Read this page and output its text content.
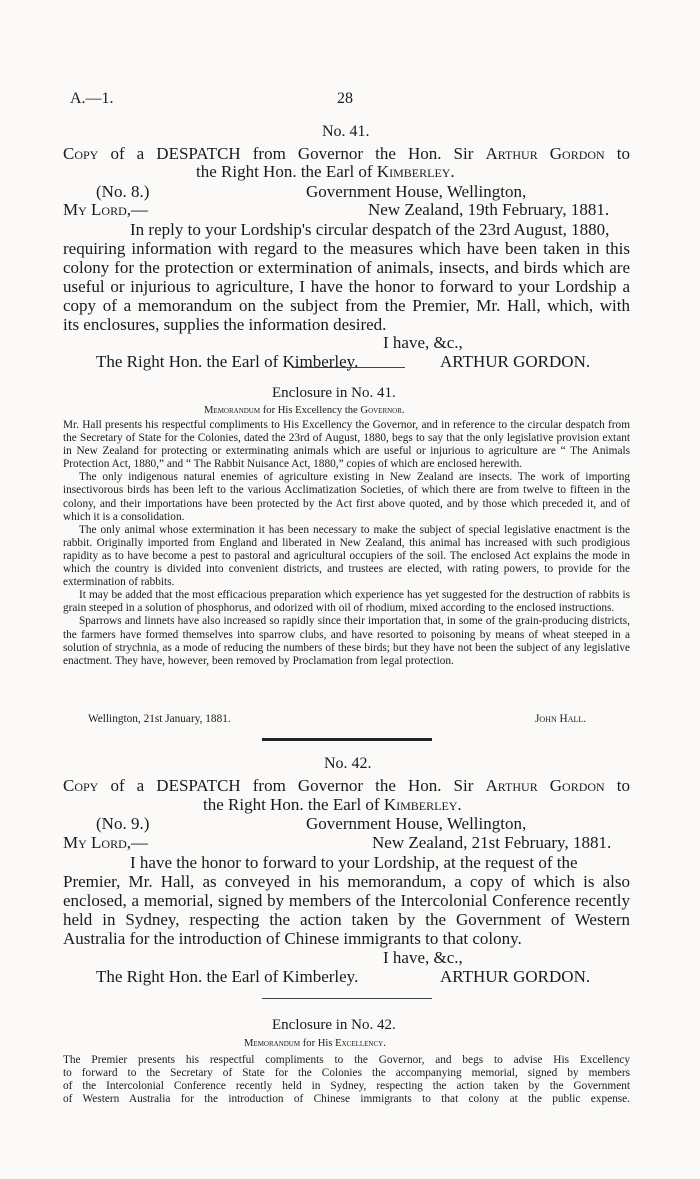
A.—1.	28
No. 41.
Copy of a DESPATCH from Governor the Hon. Sir Arthur Gordon to
the Right Hon. the Earl of Kimberley.
(No. 8.)	Government House, Wellington,
My Lord,—	New Zealand, 19th February, 1881.
In reply to your Lordship's circular despatch of the 23rd August, 1880,
requiring information with regard to the measures which have been taken in this
colony for the protection or extermination of animals, insects, and birds which are
useful or injurious to agriculture, I have the honor to forward to your Lordship a
copy of a memorandum on the subject from the Premier, Mr. Hall, which, with
its enclosures, supplies the information desired.
I have, &c.,
The Right Hon. the Earl of Kimberley.	ARTHUR GORDON.
Enclosure in No. 41.
Memorandum for His Excellency the Governor.

Mr. Hall presents his respectful compliments to His Excellency the Governor, and in reference to the circular despatch from the Secretary of State for the Colonies, dated the 23rd of August, 1880, begs to say that the only legislative provision extant in New Zealand for protecting or exterminating animals which are useful or injurious to agriculture are “ The Animals Protection Act, 1880,” and “ The Rabbit Nuisance Act, 1880,” copies of which are enclosed herewith.

The only indigenous natural enemies of agriculture existing in New Zealand are insects. The work of importing insectivorous birds has been left to the various Acclimatization Societies, of which there are from twelve to fifteen in the colony, and their importations have been protected by the Act first above quoted, and by those which preceded it, and of which it is a consolidation.

The only animal whose extermination it has been necessary to make the subject of special legislative enactment is the rabbit. Originally imported from England and liberated in New Zealand, this animal has increased with such prodigious rapidity as to have become a pest to pastoral and agricultural occupiers of the soil. The enclosed Act explains the mode in which the country is divided into convenient districts, and trustees are elected, with rating powers, to provide for the extermination of rabbits.

It may be added that the most efficacious preparation which experience has yet suggested for the destruction of rabbits is grain steeped in a solution of phosphorus, and odorized with oil of rhodium, mixed according to the enclosed instructions.

Sparrows and linnets have also increased so rapidly since their importation that, in some of the grain-producing districts, the farmers have formed themselves into sparrow clubs, and have resorted to poisoning by means of wheat steeped in a solution of strychnia, as a mode of reducing the numbers of these birds; but they have not been the subject of any legislative enactment. They have, however, been removed by Proclamation from legal protection.

Wellington, 21st January, 1881.	John Hall.
No. 42.
Copy of a DESPATCH from Governor the Hon. Sir Arthur Gordon to
the Right Hon. the Earl of Kimberley.
(No. 9.)	Government House, Wellington,
My Lord,—	New Zealand, 21st February, 1881.
I have the honor to forward to your Lordship, at the request of the
Premier, Mr. Hall, as conveyed in his memorandum, a copy of which is also
enclosed, a memorial, signed by members of the Intercolonial Conference recently
held in Sydney, respecting the action taken by the Government of Western
Australia for the introduction of Chinese immigrants to that colony.
I have, &c.,
The Right Hon. the Earl of Kimberley.	ARTHUR GORDON.
Enclosure in No. 42.
Memorandum for His Excellency.
The Premier presents his respectful compliments to the Governor, and begs to advise His Excellency
to forward to the Secretary of State for the Colonies the accompanying memorial, signed by members
of the Intercolonial Conference recently held in Sydney, respecting the action taken by the Government
of Western Australia for the introduction of Chinese immigrants to that colony at the public expense.
